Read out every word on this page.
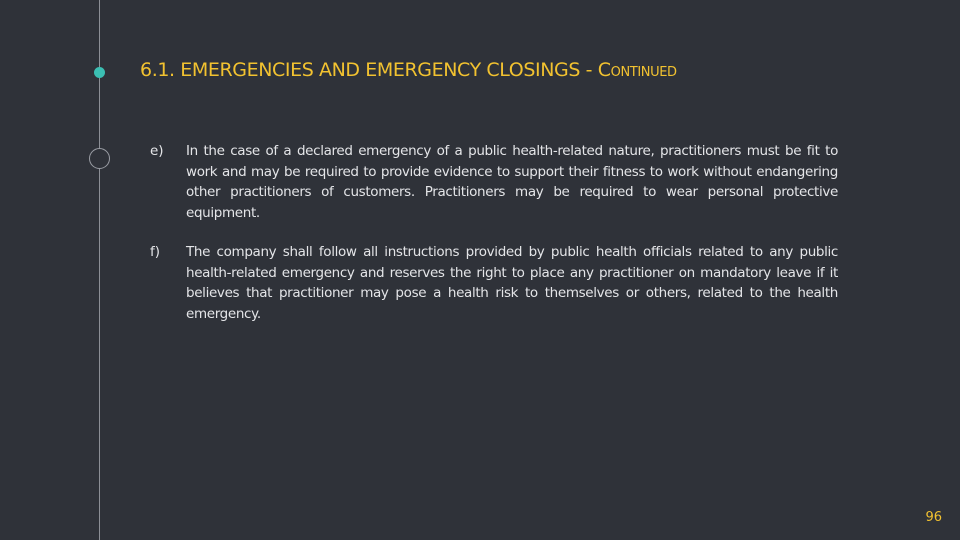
6.1. EMERGENCIES AND EMERGENCY CLOSINGS - Continued
e)	In the case of a declared emergency of a public health-related nature, practitioners must be fit to work and may be required to provide evidence to support their fitness to work without endangering other practitioners of customers. Practitioners may be required to wear personal protective equipment.
f)	The company shall follow all instructions provided by public health officials related to any public health-related emergency and reserves the right to place any practitioner on mandatory leave if it believes that practitioner may pose a health risk to themselves or others, related to the health emergency.
96
